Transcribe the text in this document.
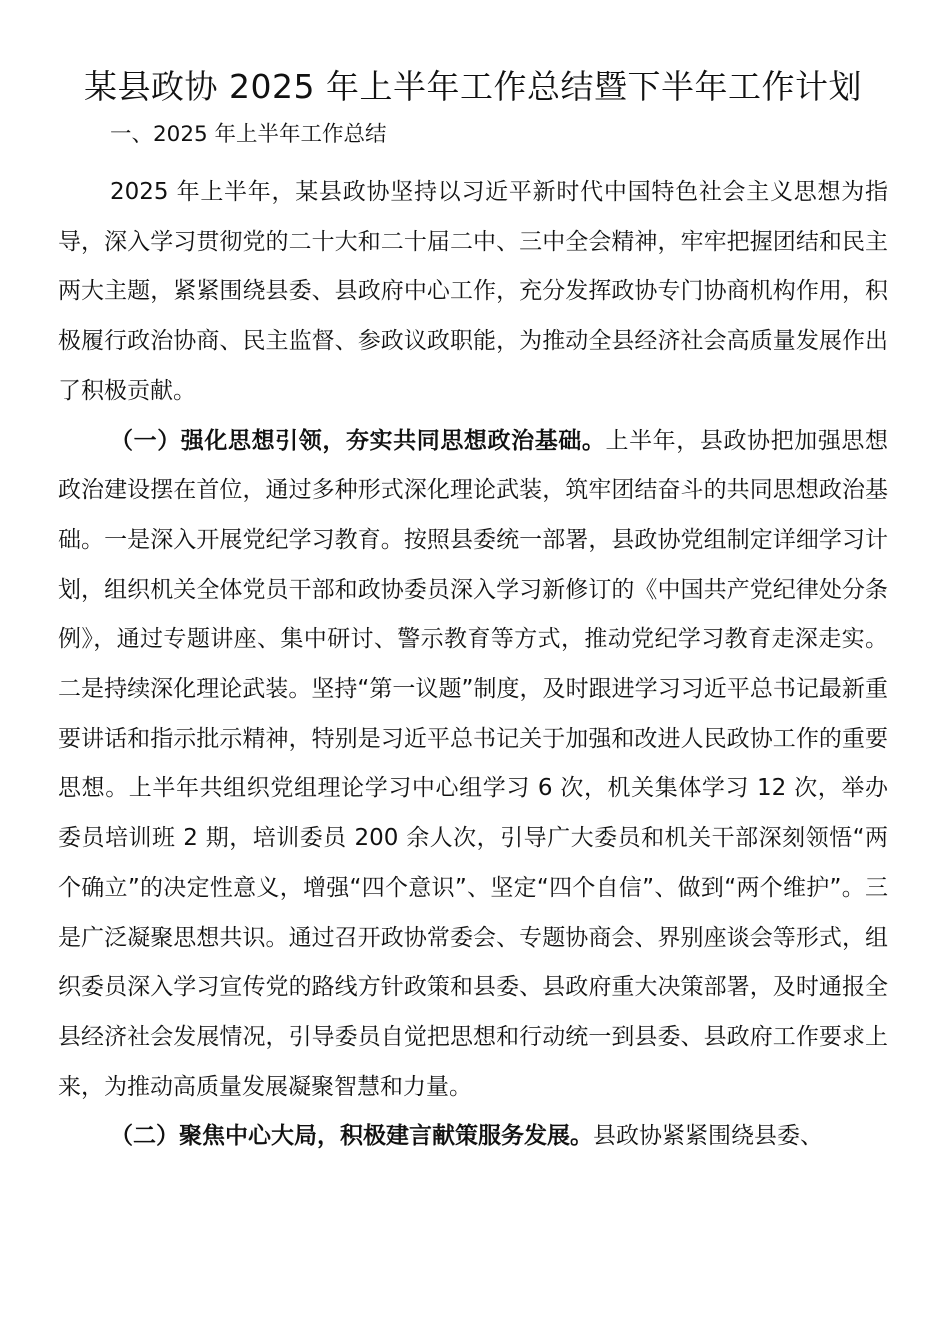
某县政协 2025 年上半年工作总结暨下半年工作计划
一、2025 年上半年工作总结

2025 年上半年，某县政协坚持以习近平新时代中国特色社会主义思想为指导，深入学习贯彻党的二十大和二十届二中、三中全会精神，牢牢把握团结和民主两大主题，紧紧围绕县委、县政府中心工作，充分发挥政协专门协商机构作用，积极履行政治协商、民主监督、参政议政职能，为推动全县经济社会高质量发展作出了积极贡献。

（一）强化思想引领，夯实共同思想政治基础。上半年，县政协把加强思想政治建设摆在首位，通过多种形式深化理论武装，筑牢团结奋斗的共同思想政治基础。一是深入开展党纪学习教育。按照县委统一部署，县政协党组制定详细学习计划，组织机关全体党员干部和政协委员深入学习新修订的《中国共产党纪律处分条例》，通过专题讲座、集中研讨、警示教育等方式，推动党纪学习教育走深走实。二是持续深化理论武装。坚持“第一议题”制度，及时跟进学习习近平总书记最新重要讲话和指示批示精神，特别是习近平总书记关于加强和改进人民政协工作的重要思想。上半年共组织党组理论学习中心组学习 6 次，机关集体学习 12 次，举办委员培训班 2 期，培训委员 200 余人次，引导广大委员和机关干部深刻领悟“两个确立”的决定性意义，增强“四个意识”、坚定“四个自信”、做到“两个维护”。三是广泛凝聚思想共识。通过召开政协常委会、专题协商会、界别座谈会等形式，组织委员深入学习宣传党的路线方针政策和县委、县政府重大决策部署，及时通报全县经济社会发展情况，引导委员自觉把思想和行动统一到县委、县政府工作要求上来，为推动高质量发展凝聚智慧和力量。

（二）聚焦中心大局，积极建言献策服务发展。县政协紧紧围绕县委、
